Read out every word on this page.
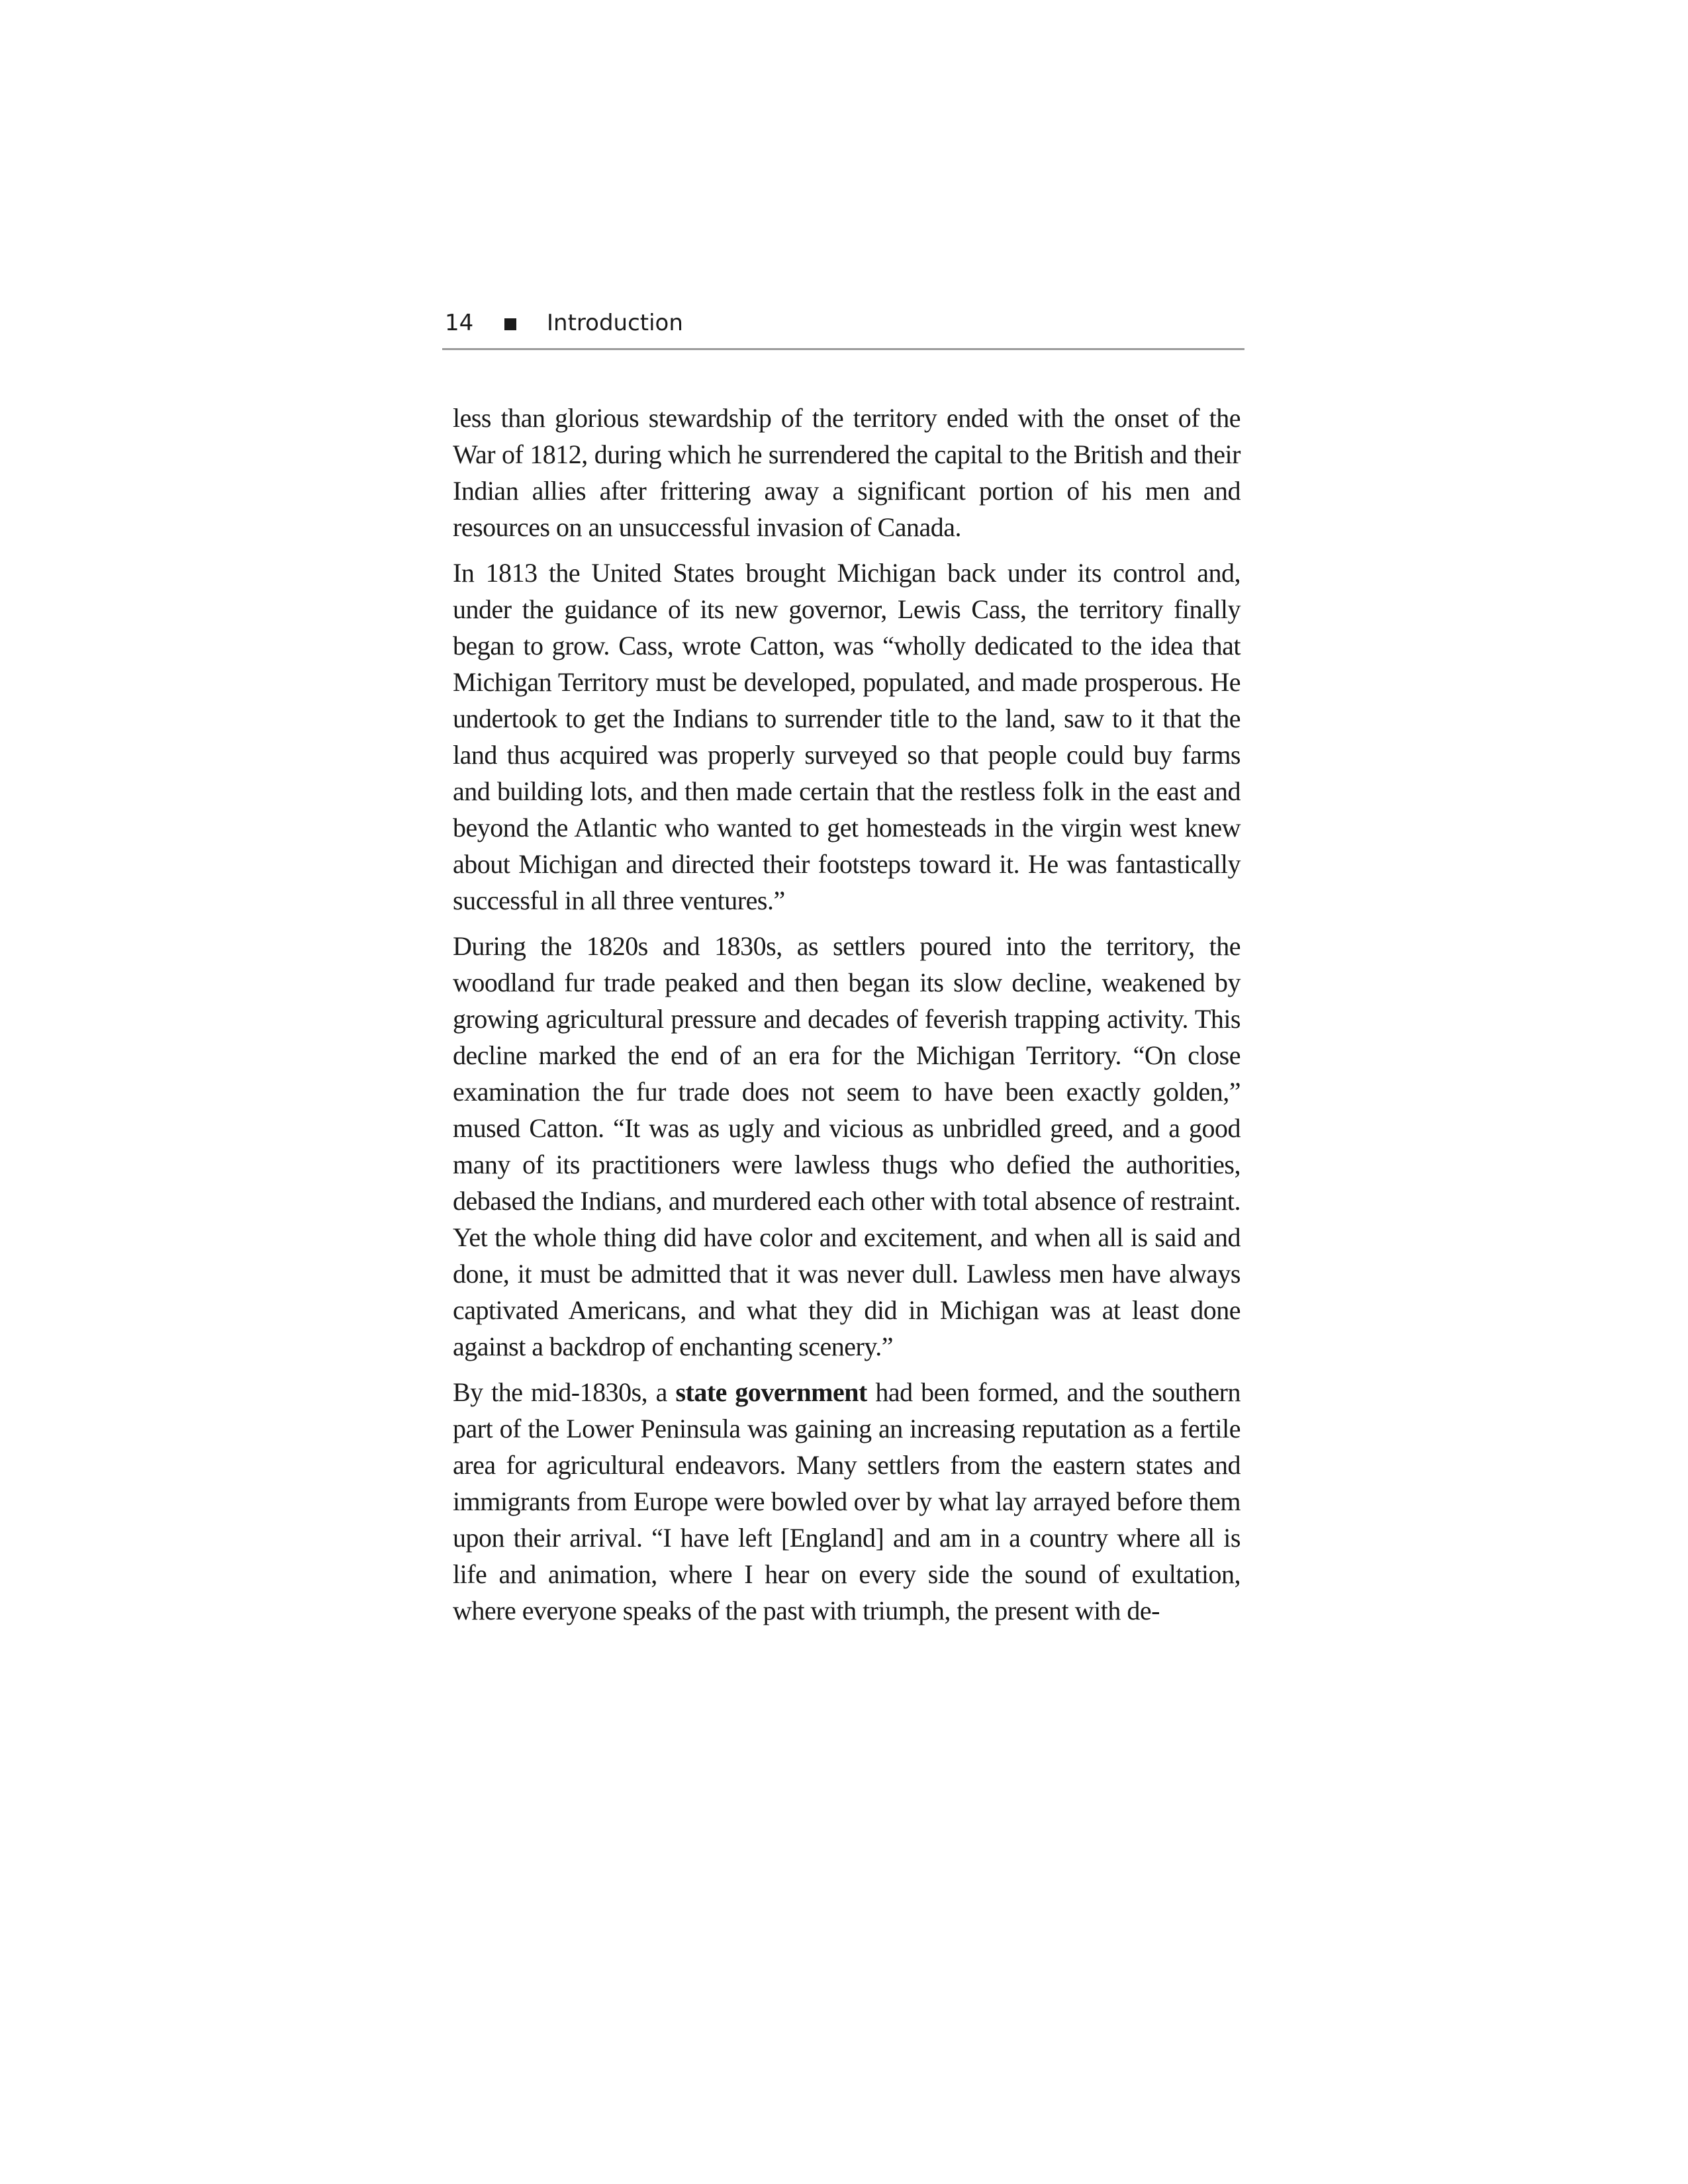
14	Introduction

less than glorious stewardship of the territory ended with the onset of the War of 1812, during which he surrendered the capital to the British and their Indian allies after frittering away a significant portion of his men and resources on an unsuccessful invasion of Canada.

In 1813 the United States brought Michigan back under its control and, under the guidance of its new governor, Lewis Cass, the territory finally began to grow. Cass, wrote Catton, was “wholly dedicated to the idea that Michigan Territory must be developed, populated, and made prosperous. He undertook to get the Indians to surrender title to the land, saw to it that the land thus acquired was properly surveyed so that people could buy farms and building lots, and then made certain that the restless folk in the east and beyond the Atlantic who wanted to get homesteads in the virgin west knew about Michigan and directed their footsteps toward it. He was fantastically successful in all three ventures.”

During the 1820s and 1830s, as settlers poured into the territory, the woodland fur trade peaked and then began its slow decline, weakened by growing agricultural pressure and decades of feverish trapping activity. This decline marked the end of an era for the Michigan Territory. “On close examination the fur trade does not seem to have been exactly golden,” mused Catton. “It was as ugly and vicious as unbridled greed, and a good many of its practitioners were lawless thugs who defied the authorities, debased the Indians, and murdered each other with total absence of restraint. Yet the whole thing did have color and excitement, and when all is said and done, it must be admitted that it was never dull. Lawless men have always captivated Americans, and what they did in Michigan was at least done against a backdrop of enchanting scenery.”

By the mid-1830s, a state government had been formed, and the southern part of the Lower Peninsula was gaining an increasing reputation as a fertile area for agricultural endeavors. Many settlers from the eastern states and immigrants from Europe were bowled over by what lay arrayed before them upon their arrival. “I have left [England] and am in a country where all is life and animation, where I hear on every side the sound of exultation, where everyone speaks of the past with triumph, the present with de-
